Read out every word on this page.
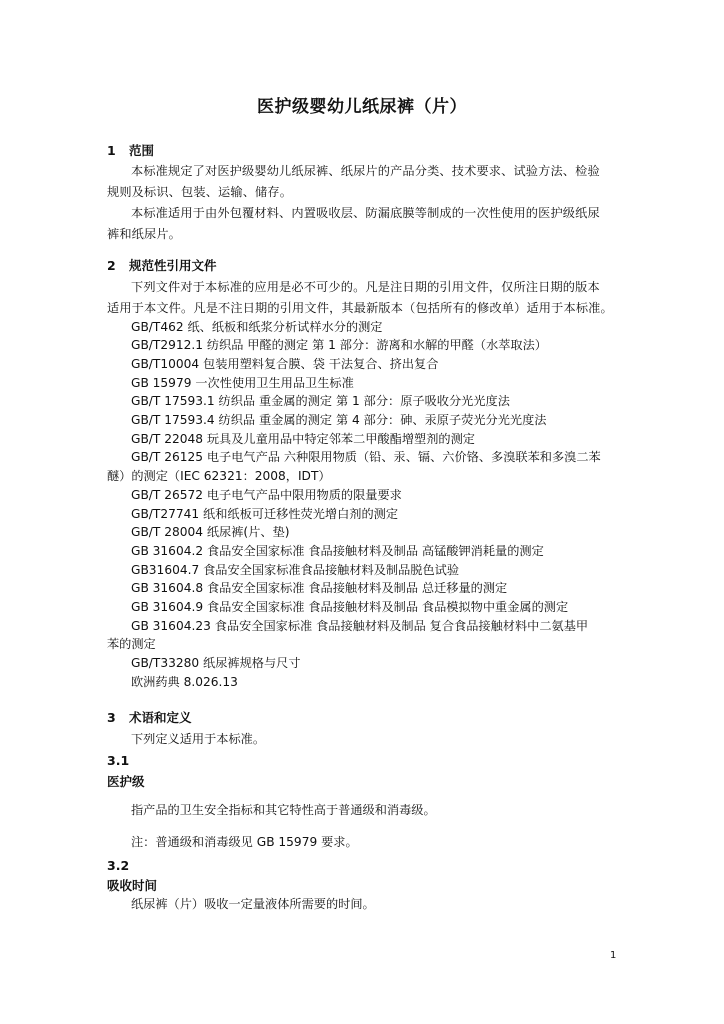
医护级婴幼儿纸尿裤（片）
1 范围
本标准规定了对医护级婴幼儿纸尿裤、纸尿片的产品分类、技术要求、试验方法、检验
规则及标识、包装、运输、储存。
本标准适用于由外包覆材料、内置吸收层、防漏底膜等制成的一次性使用的医护级纸尿
裤和纸尿片。
2 规范性引用文件
下列文件对于本标准的应用是必不可少的。凡是注日期的引用文件，仅所注日期的版本
适用于本文件。凡是不注日期的引用文件，其最新版本（包括所有的修改单）适用于本标准。
GB/T462 纸、纸板和纸浆分析试样水分的测定
GB/T2912.1 纺织品 甲醛的测定 第 1 部分：游离和水解的甲醛（水萃取法）
GB/T10004 包装用塑料复合膜、袋 干法复合、挤出复合
GB 15979 一次性使用卫生用品卫生标准
GB/T 17593.1 纺织品 重金属的测定 第 1 部分：原子吸收分光光度法
GB/T 17593.4 纺织品 重金属的测定 第 4 部分：砷、汞原子荧光分光光度法
GB/T 22048 玩具及儿童用品中特定邻苯二甲酸酯增塑剂的测定
GB/T 26125 电子电气产品 六种限用物质（铅、汞、镉、六价铬、多溴联苯和多溴二苯
醚）的测定（IEC 62321：2008，IDT）
GB/T 26572 电子电气产品中限用物质的限量要求
GB/T27741 纸和纸板可迁移性荧光增白剂的测定
GB/T 28004 纸尿裤(片、垫)
GB 31604.2 食品安全国家标准 食品接触材料及制品 高锰酸钾消耗量的测定
GB31604.7 食品安全国家标准食品接触材料及制品脱色试验
GB 31604.8 食品安全国家标准 食品接触材料及制品 总迁移量的测定
GB 31604.9 食品安全国家标准 食品接触材料及制品 食品模拟物中重金属的测定
GB 31604.23 食品安全国家标准 食品接触材料及制品 复合食品接触材料中二氨基甲
苯的测定
GB/T33280 纸尿裤规格与尺寸
欧洲药典 8.026.13
3 术语和定义
下列定义适用于本标准。
3.1
医护级
指产品的卫生安全指标和其它特性高于普通级和消毒级。
注：普通级和消毒级见 GB 15979 要求。
3.2
吸收时间
纸尿裤（片）吸收一定量液体所需要的时间。
1
